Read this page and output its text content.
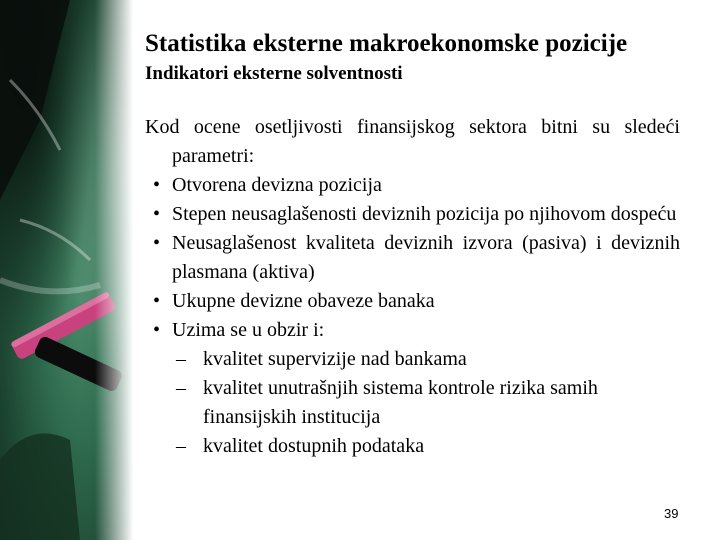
Statistika eksterne makroekonomske pozicije
Indikatori eksterne solventnosti
Kod ocene osetljivosti finansijskog sektora bitni su sledeći parametri:
• Otvorena devizna pozicija
• Stepen neusaglašenosti deviznih pozicija po njihovom dospeću
• Neusaglašenost kvaliteta deviznih izvora (pasiva) i deviznih plasmana (aktiva)
• Ukupne devizne obaveze banaka
• Uzima se u obzir i:
– kvalitet supervizije nad bankama
– kvalitet unutrašnjih sistema kontrole rizika samih finansijskih institucija
– kvalitet dostupnih podataka
39
